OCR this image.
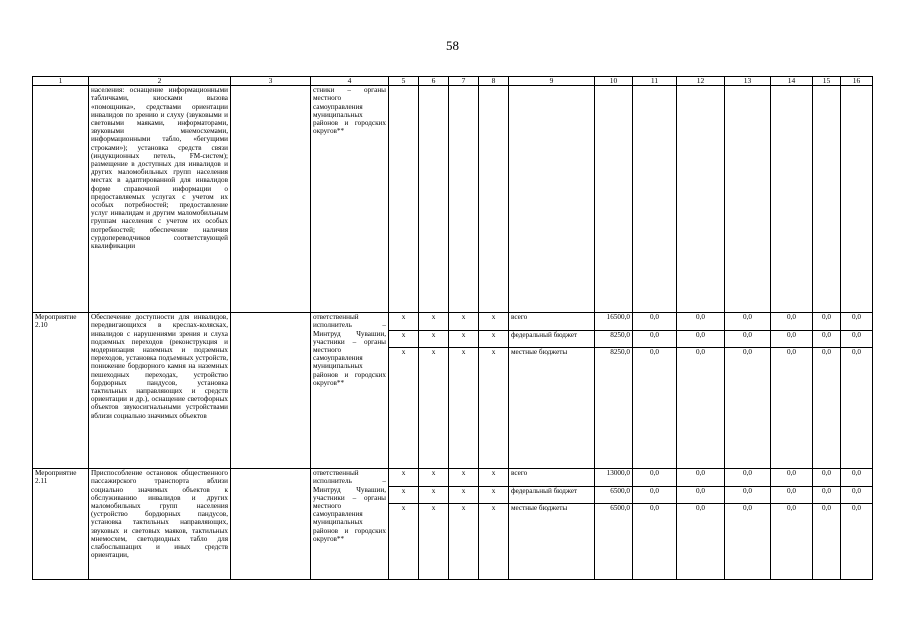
58
1	2	3	4	5	6	7	8	9	10	11	12	13	14	15	16
	населения: оснащение информационными табличками, киосками вызова «помощника», средствами ориентации инвалидов по зрению и слуху (звуковыми и световыми маяками, информаторами, звуковыми мнемосхемами, информационными табло, «бегущими строками»); установка средств связи (индукционных петель, FM-систем); размещение в доступных для инвалидов и других маломобильных групп населения местах в адаптированной для инвалидов форме справочной информации о предоставляемых услугах с учетом их особых потребностей; предоставление услуг инвалидам и другим маломобильным группам населения с учетом их особых потребностей; обеспечение наличия сурдопереводчиков соответствующей квалификации		стники – органы местного самоуправления муниципальных районов и городских округов**												
Мероприятие 2.10	Обеспечение доступности для инвалидов, передвигающихся в креслах-колясках, инвалидов с нарушениями зрения и слуха подземных переходов (реконструкция и модернизация наземных и подземных переходов, установка подъемных устройств, понижение бордюрного камня на наземных пешеходных переходах, устройство бордюрных пандусов, установка тактильных направляющих и средств ориентации и др.), оснащение светофорных объектов звукосигнальными устройствами вблизи социально значимых объектов		ответственный исполнитель – Минтруд Чувашии, участники – органы местного самоуправления муниципальных районов и городских округов**	х	х	х	х	всего	16500,0	0,0	0,0	0,0	0,0	0,0	0,0
				х	х	х	х	федеральный бюджет	8250,0	0,0	0,0	0,0	0,0	0,0	0,0
				х	х	х	х	местные бюджеты	8250,0	0,0	0,0	0,0	0,0	0,0	0,0
Мероприятие 2.11	Приспособление остановок общественного пассажирского транспорта вблизи социально значимых объектов к обслуживанию инвалидов и других маломобильных групп населения (устройство бордюрных пандусов, установка тактильных направляющих, звуковых и световых маяков, тактильных мнемосхем, светодиодных табло для слабослышащих и иных средств ориентации,		ответственный исполнитель – Минтруд Чувашии, участники – органы местного самоуправления муниципальных районов и городских округов**	х	х	х	х	всего	13000,0	0,0	0,0	0,0	0,0	0,0	0,0
				х	х	х	х	федеральный бюджет	6500,0	0,0	0,0	0,0	0,0	0,0	0,0
				х	х	х	х	местные бюджеты	6500,0	0,0	0,0	0,0	0,0	0,0	0,0
